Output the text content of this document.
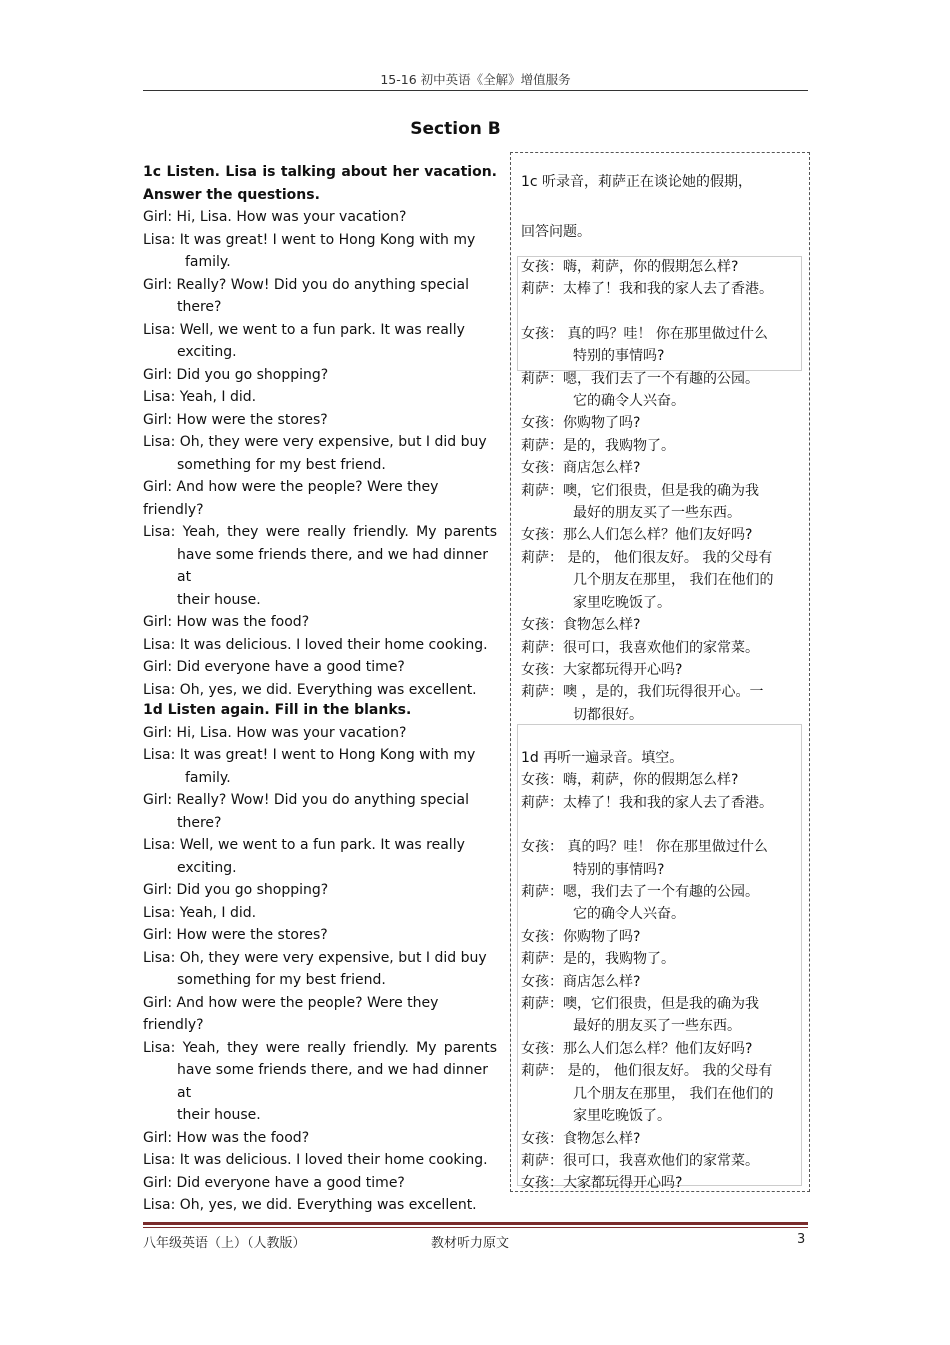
15-16 初中英语《全解》增值服务
Section B
1c Listen. Lisa is talking about her vacation. Answer the questions.
Girl: Hi, Lisa. How was your vacation?
Lisa: It was great! I went to Hong Kong with my
family.
Girl: Really? Wow! Did you do anything special
there?
Lisa: Well, we went to a fun park. It was really
exciting.
Girl: Did you go shopping?
Lisa: Yeah, I did.
Girl: How were the stores?
Lisa: Oh, they were very expensive, but I did buy
something for my best friend.
Girl: And how were the people? Were they friendly?
Lisa: Yeah, they were really friendly. My parents
have some friends there, and we had dinner at
their house.
Girl: How was the food?
Lisa: It was delicious. I loved their home cooking.
Girl: Did everyone have a good time?
Lisa: Oh, yes, we did. Everything was excellent.
1d Listen again. Fill in the blanks.
Girl: Hi, Lisa. How was your vacation?
Lisa: It was great! I went to Hong Kong with my
family.
Girl: Really? Wow! Did you do anything special
there?
Lisa: Well, we went to a fun park. It was really
exciting.
Girl: Did you go shopping?
Lisa: Yeah, I did.
Girl: How were the stores?
Lisa: Oh, they were very expensive, but I did buy
something for my best friend.
Girl: And how were the people? Were they friendly?
Lisa: Yeah, they were really friendly. My parents
have some friends there, and we had dinner at
their house.
Girl: How was the food?
Lisa: It was delicious. I loved their home cooking.
Girl: Did everyone have a good time?
Lisa: Oh, yes, we did. Everything was excellent.
1c 听录音，莉萨正在谈论她的假期，
回答问题。
女孩：嗨，莉萨，你的假期怎么样?
莉萨：太棒了！我和我的家人去了香港。
女孩： 真的吗？哇！ 你在那里做过什么
特别的事情吗?
莉萨：嗯，我们去了一个有趣的公园。
它的确令人兴奋。
女孩：你购物了吗?
莉萨：是的，我购物了。
女孩：商店怎么样?
莉萨：噢，它们很贵，但是我的确为我
最好的朋友买了一些东西。
女孩：那么人们怎么样？他们友好吗?
莉萨： 是的， 他们很友好。 我的父母有
几个朋友在那里， 我们在他们的
家里吃晚饭了。
女孩：食物怎么样?
莉萨：很可口，我喜欢他们的家常菜。
女孩：大家都玩得开心吗?
莉萨：噢 ，是的，我们玩得很开心。一
切都很好。
1d 再听一遍录音。填空。
女孩：嗨，莉萨，你的假期怎么样?
莉萨：太棒了！我和我的家人去了香港。
女孩： 真的吗？哇！ 你在那里做过什么
特别的事情吗?
莉萨：嗯，我们去了一个有趣的公园。
它的确令人兴奋。
女孩：你购物了吗?
莉萨：是的，我购物了。
女孩：商店怎么样?
莉萨：噢，它们很贵，但是我的确为我
最好的朋友买了一些东西。
女孩：那么人们怎么样？他们友好吗?
莉萨： 是的， 他们很友好。 我的父母有
几个朋友在那里， 我们在他们的
家里吃晚饭了。
女孩：食物怎么样?
莉萨：很可口，我喜欢他们的家常菜。
女孩：大家都玩得开心吗?
八年级英语（上）（人教版）	教材听力原文	3
